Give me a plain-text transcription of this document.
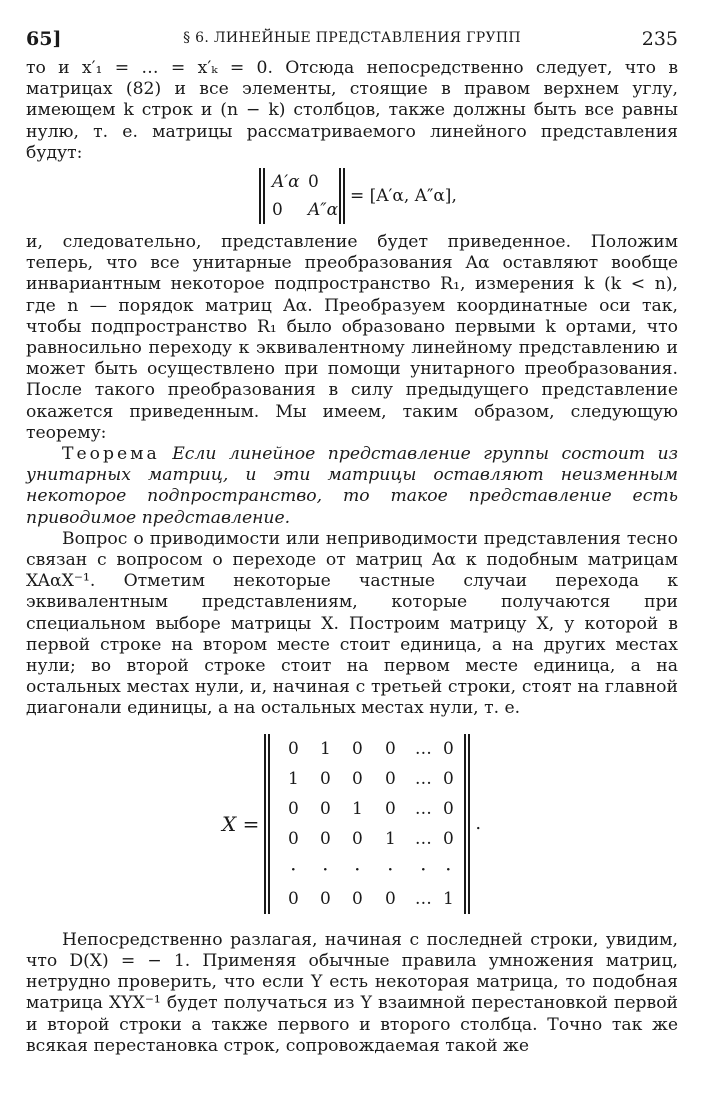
65]	§ 6. ЛИНЕЙНЫЕ ПРЕДСТАВЛЕНИЯ ГРУПП	235

то и x′₁ = … = x′ₖ = 0. Отсюда непосредственно следует, что в матрицах (82) и все элементы, стоящие в правом верхнем углу, имеющем k строк и (n − k) столбцов, также должны быть все равны нулю, т. е. матрицы рассматриваемого линейного представления будут:

A′α 0
0	A″α
= [A′α, A″α],

и, следовательно, представление будет приведенное. Положим теперь, что все унитарные преобразования Aα оставляют вообще инвариантным некоторое подпространство R₁, измерения k (k < n), где n — порядок матриц Aα. Преобразуем координатные оси так, чтобы подпространство R₁ было образовано первыми k ортами, что равносильно переходу к эквивалентному линейному представлению и может быть осуществлено при помощи унитарного преобразования. После такого преобразования в силу предыдущего представление окажется приведенным. Мы имеем, таким образом, следующую теорему:

Теорема Если линейное представление группы состоит из унитарных матриц, и эти матрицы оставляют неизменным некоторое подпространство, то такое представление есть приводимое представление.

Вопрос о приводимости или неприводимости представления тесно связан с вопросом о переходе от матриц Aα к подобным матрицам XAαX⁻¹. Отметим некоторые частные случаи перехода к эквивалентным представлениям, которые получаются при специальном выборе матрицы X. Построим матрицу X, у которой в первой строке на втором месте стоит единица, а на других местах нули; во второй строке стоит на первом месте единица, а на остальных местах нули, и, начиная с третьей строки, стоят на главной диагонали единицы, а на остальных местах нули, т. е.

X =
0	1	0	0	… 0
1	0	0	0	… 0
0	0	1	0	… 0
0	0	0	1	… 0
·	·	·	·	· ·
0	0	0	0	… 1
.

Непосредственно разлагая, начиная с последней строки, увидим, что D(X) = − 1. Применяя обычные правила умножения матриц, нетрудно проверить, что если Y есть некоторая матрица, то подобная матрица XYX⁻¹ будет получаться из Y взаимной перестановкой первой и второй строки а также первого и второго столбца. Точно так же всякая перестановка строк, сопровождаемая такой же
